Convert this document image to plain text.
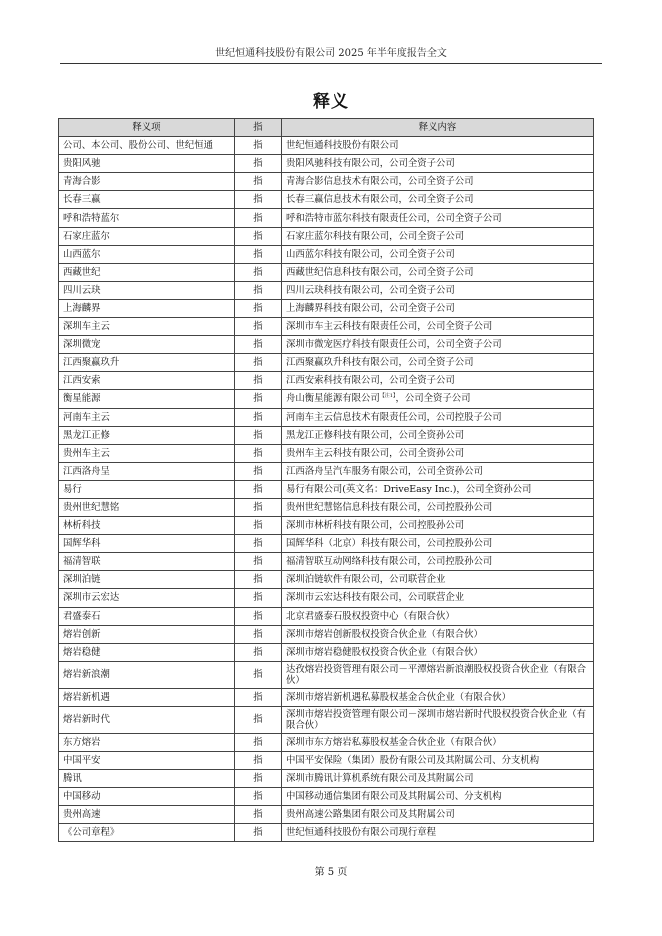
世纪恒通科技股份有限公司 2025 年半年度报告全文
释义
释义项	指	释义内容
公司、本公司、股份公司、世纪恒通	指	世纪恒通科技股份有限公司
贵阳风驰	指	贵阳风驰科技有限公司，公司全资子公司
青海合影	指	青海合影信息技术有限公司，公司全资子公司
长春三赢	指	长春三赢信息技术有限公司，公司全资子公司
呼和浩特蓝尔	指	呼和浩特市蓝尔科技有限责任公司，公司全资子公司
石家庄蓝尔	指	石家庄蓝尔科技有限公司，公司全资子公司
山西蓝尔	指	山西蓝尔科技有限公司，公司全资子公司
西藏世纪	指	西藏世纪信息科技有限公司，公司全资子公司
四川云玦	指	四川云玦科技有限公司，公司全资子公司
上海麟界	指	上海麟界科技有限公司，公司全资子公司
深圳车主云	指	深圳市车主云科技有限责任公司，公司全资子公司
深圳微宠	指	深圳市微宠医疗科技有限责任公司，公司全资子公司
江西聚赢玖升	指	江西聚赢玖升科技有限公司，公司全资子公司
江西安索	指	江西安索科技有限公司，公司全资子公司
衡星能源	指	舟山衡星能源有限公司$^{【注1】}$，公司全资子公司
河南车主云	指	河南车主云信息技术有限责任公司，公司控股子公司
黑龙江正修	指	黑龙江正修科技有限公司，公司全资孙公司
贵州车主云	指	贵州车主云科技有限公司，公司全资孙公司
江西洛舟呈	指	江西洛舟呈汽车服务有限公司，公司全资孙公司
易行	指	易行有限公司(英文名：DriveEasy Inc.)，公司全资孙公司
贵州世纪慧铭	指	贵州世纪慧铭信息科技有限公司，公司控股孙公司
林析科技	指	深圳市林析科技有限公司，公司控股孙公司
国辉华科	指	国辉华科（北京）科技有限公司，公司控股孙公司
福清智联	指	福清智联互动网络科技有限公司，公司控股孙公司
深圳泊链	指	深圳泊链软件有限公司，公司联营企业
深圳市云宏达	指	深圳市云宏达科技有限公司，公司联营企业
君盛泰石	指	北京君盛泰石股权投资中心（有限合伙）
熔岩创新	指	深圳市熔岩创新股权投资合伙企业（有限合伙）
熔岩稳健	指	深圳市熔岩稳健股权投资合伙企业（有限合伙）
熔岩新浪潮	指	达孜熔岩投资管理有限公司－平潭熔岩新浪潮股权投资合伙企业（有限合伙）
熔岩新机遇	指	深圳市熔岩新机遇私募股权基金合伙企业（有限合伙）
熔岩新时代	指	深圳市熔岩投资管理有限公司－深圳市熔岩新时代股权投资合伙企业（有限合伙）
东方熔岩	指	深圳市东方熔岩私募股权基金合伙企业（有限合伙）
中国平安	指	中国平安保险（集团）股份有限公司及其附属公司、分支机构
腾讯	指	深圳市腾讯计算机系统有限公司及其附属公司
中国移动	指	中国移动通信集团有限公司及其附属公司、分支机构
贵州高速	指	贵州高速公路集团有限公司及其附属公司
《公司章程》	指	世纪恒通科技股份有限公司现行章程
第 5 页
